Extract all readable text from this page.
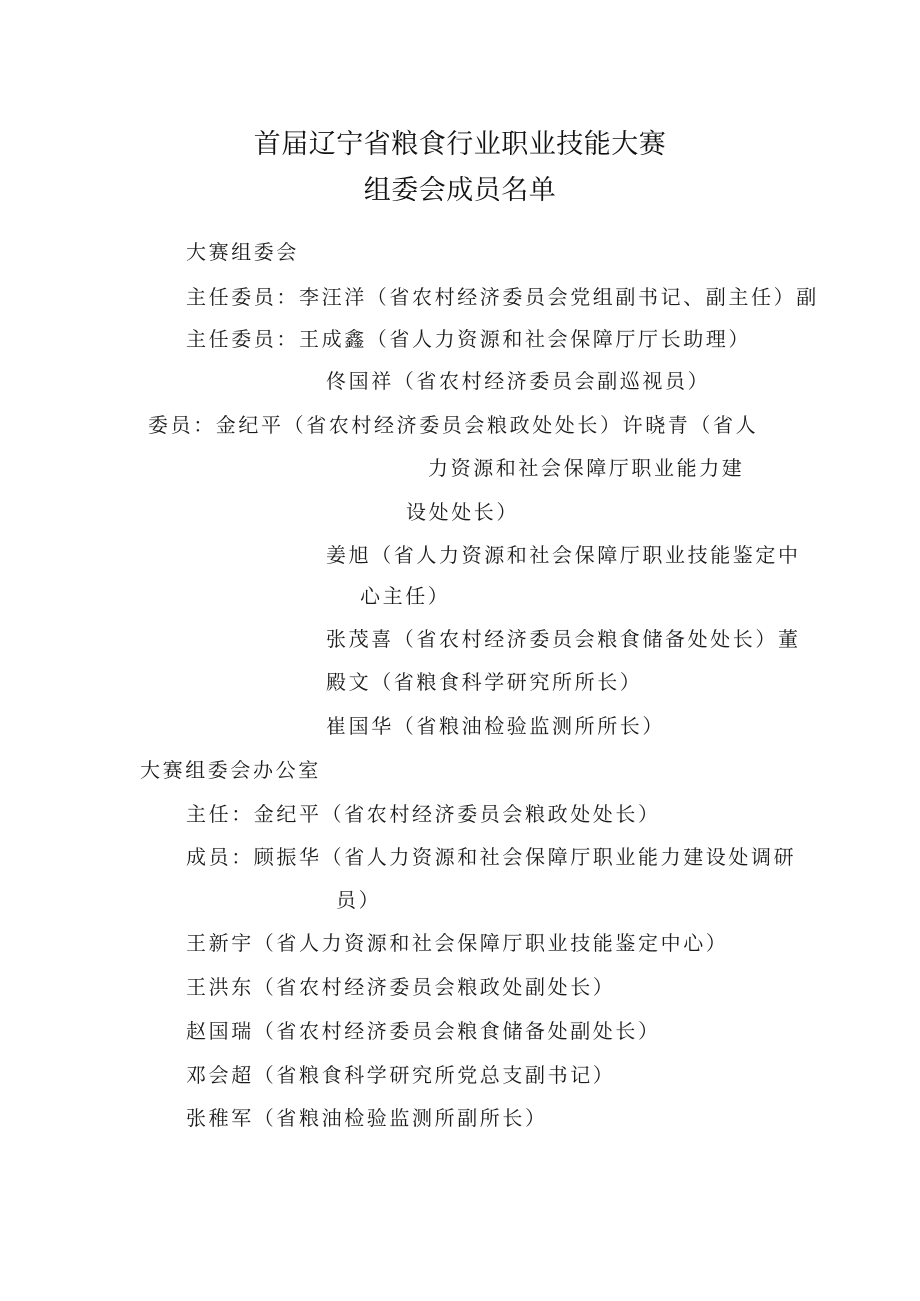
首届辽宁省粮食行业职业技能大赛
组委会成员名单
大赛组委会
主任委员：李汪洋（省农村经济委员会党组副书记、副主任）副
主任委员：王成鑫（省人力资源和社会保障厅厅长助理）
佟国祥（省农村经济委员会副巡视员）
委员：金纪平（省农村经济委员会粮政处处长）许晓青（省人
力资源和社会保障厅职业能力建
设处处长）
姜旭（省人力资源和社会保障厅职业技能鉴定中
心主任）
张茂喜（省农村经济委员会粮食储备处处长）董
殿文（省粮食科学研究所所长）
崔国华（省粮油检验监测所所长）
大赛组委会办公室
主任：金纪平（省农村经济委员会粮政处处长）
成员：顾振华（省人力资源和社会保障厅职业能力建设处调研
员）
王新宇（省人力资源和社会保障厅职业技能鉴定中心）
王洪东（省农村经济委员会粮政处副处长）
赵国瑞（省农村经济委员会粮食储备处副处长）
邓会超（省粮食科学研究所党总支副书记）
张稚军（省粮油检验监测所副所长）
